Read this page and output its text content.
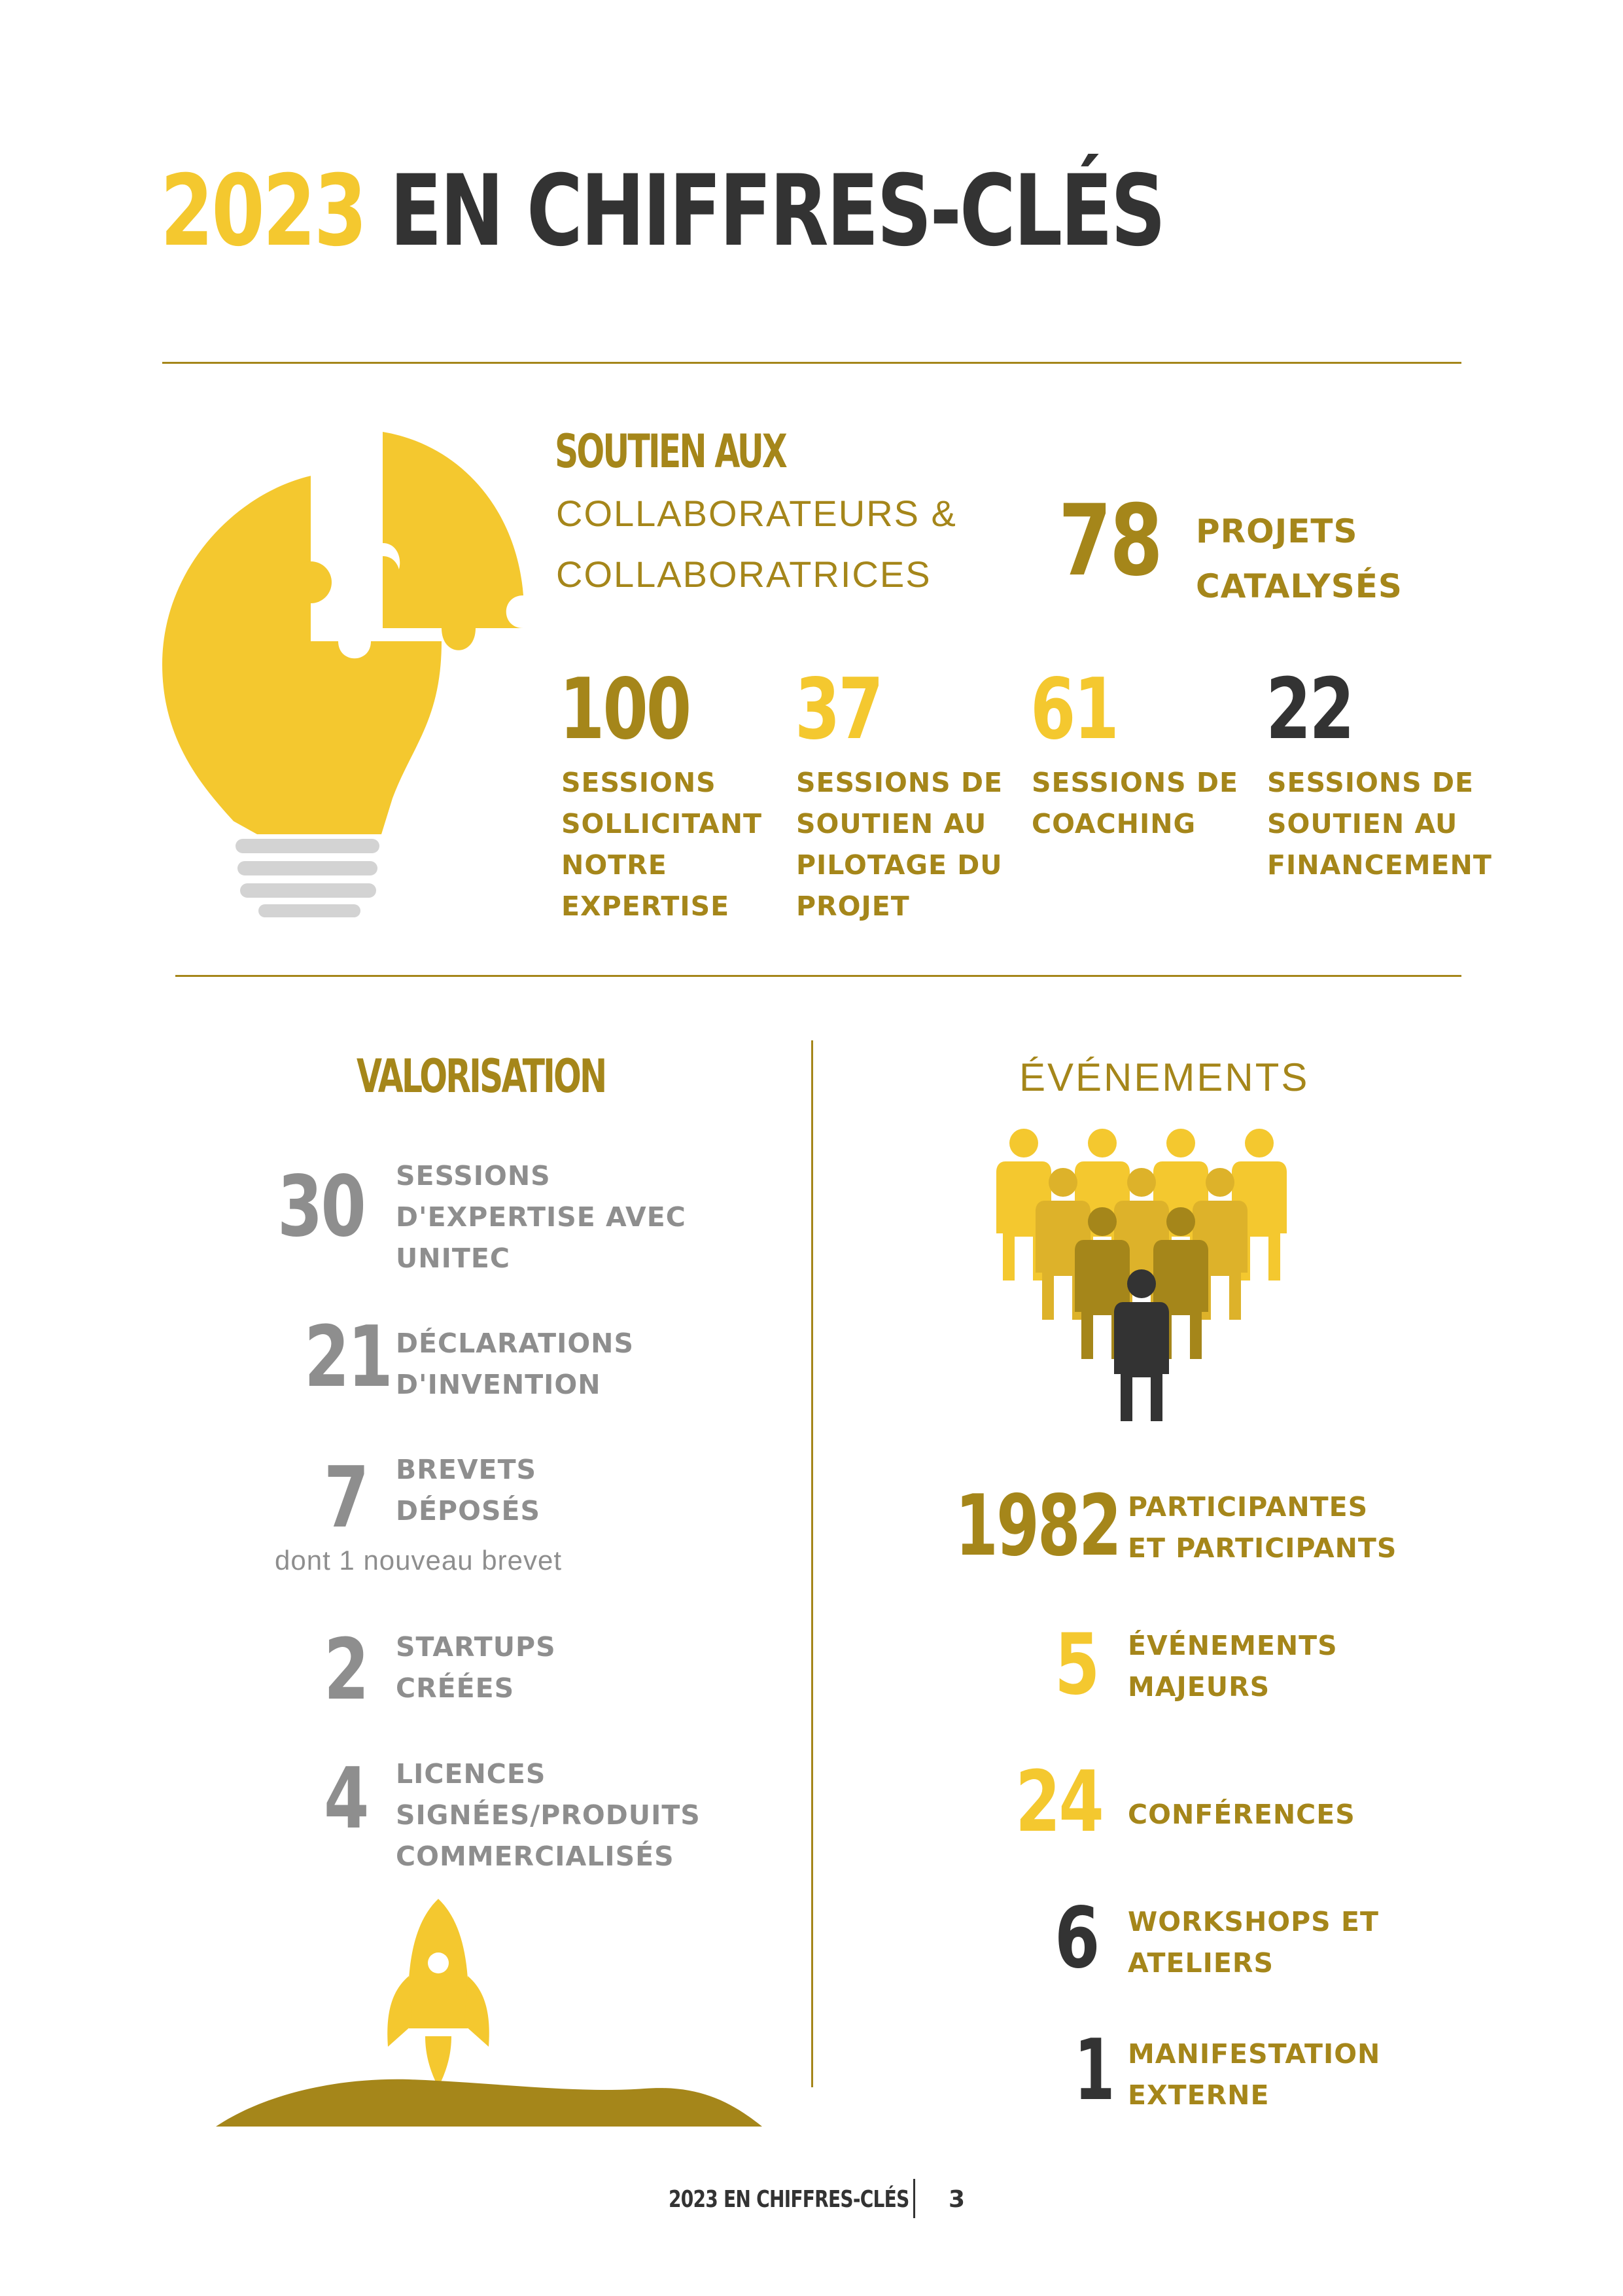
2023 EN CHIFFRES-CLÉS
SOUTIEN AUX
COLLABORATEURS &
COLLABORATRICES 78 PROJETS
CATALYSÉS
100
SESSIONS
SOLLICITANT
NOTRE
EXPERTISE
37
SESSIONS DE
SOUTIEN AU
PILOTAGE DU
PROJET
61
SESSIONS DE
COACHING
22
SESSIONS DE
SOUTIEN AU
FINANCEMENT
VALORISATION
30 SESSIONS
D'EXPERTISE AVEC
UNITEC
21 DÉCLARATIONS
D'INVENTION
7 BREVETS
DÉPOSÉS
dont 1 nouveau brevet
2 STARTUPS
CRÉÉES
4 LICENCES
SIGNÉES/PRODUITS
COMMERCIALISÉS
ÉVÉNEMENTS
1982 PARTICIPANTES
ET PARTICIPANTS
5 ÉVÉNEMENTS
MAJEURS
24 CONFÉRENCES
6 WORKSHOPS ET
ATELIERS
1 MANIFESTATION
EXTERNE
2023 EN CHIFFRES-CLÉS 3
